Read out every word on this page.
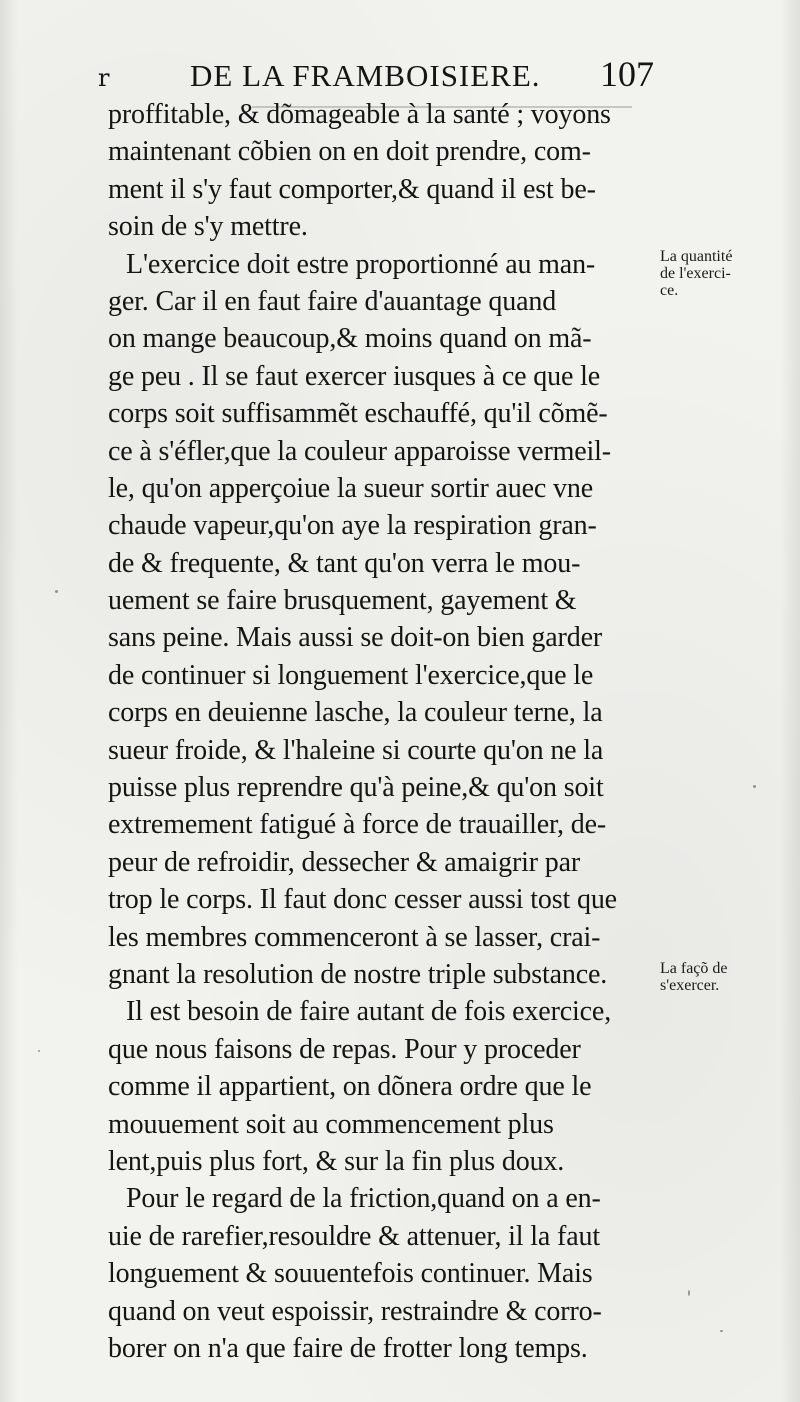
r	DE LA FRAMBOISIERE. 107
proffitable, & dõmageable à la santé ; voyons
maintenant cõbien on en doit prendre, com-
ment il s'y faut comporter,& quand il est be-
soin de s'y mettre.
L'exercice doit estre proportionné au man-
ger. Car il en faut faire d'auantage quand
on mange beaucoup,& moins quand on mã-
ge peu . Il se faut exercer iusques à ce que le
corps soit suffisammẽt eschauffé, qu'il cõmẽ-
ce à s'éfler,que la couleur apparoisse vermeil-
le, qu'on apperçoiue la sueur sortir auec vne
chaude vapeur,qu'on aye la respiration gran-
de & frequente, & tant qu'on verra le mou-
uement se faire brusquement, gayement &
sans peine. Mais aussi se doit-on bien garder
de continuer si longuement l'exercice,que le
corps en deuienne lasche, la couleur terne, la
sueur froide, & l'haleine si courte qu'on ne la
puisse plus reprendre qu'à peine,& qu'on soit
extremement fatigué à force de trauailler, de-
peur de refroidir, dessecher & amaigrir par
trop le corps. Il faut donc cesser aussi tost que
les membres commenceront à se lasser, crai-
gnant la resolution de nostre triple substance.
Il est besoin de faire autant de fois exercice,
que nous faisons de repas. Pour y proceder
comme il appartient, on dõnera ordre que le
mouuement soit au commencement plus
lent,puis plus fort, & sur la fin plus doux.
Pour le regard de la friction,quand on a en-
uie de rarefier,resouldre & attenuer, il la faut
longuement & souuentefois continuer. Mais
quand on veut espoissir, restraindre & corro-
borer on n'a que faire de frotter long temps.
La quantité
de l'exerci-
ce.
La façõ de
s'exercer.
